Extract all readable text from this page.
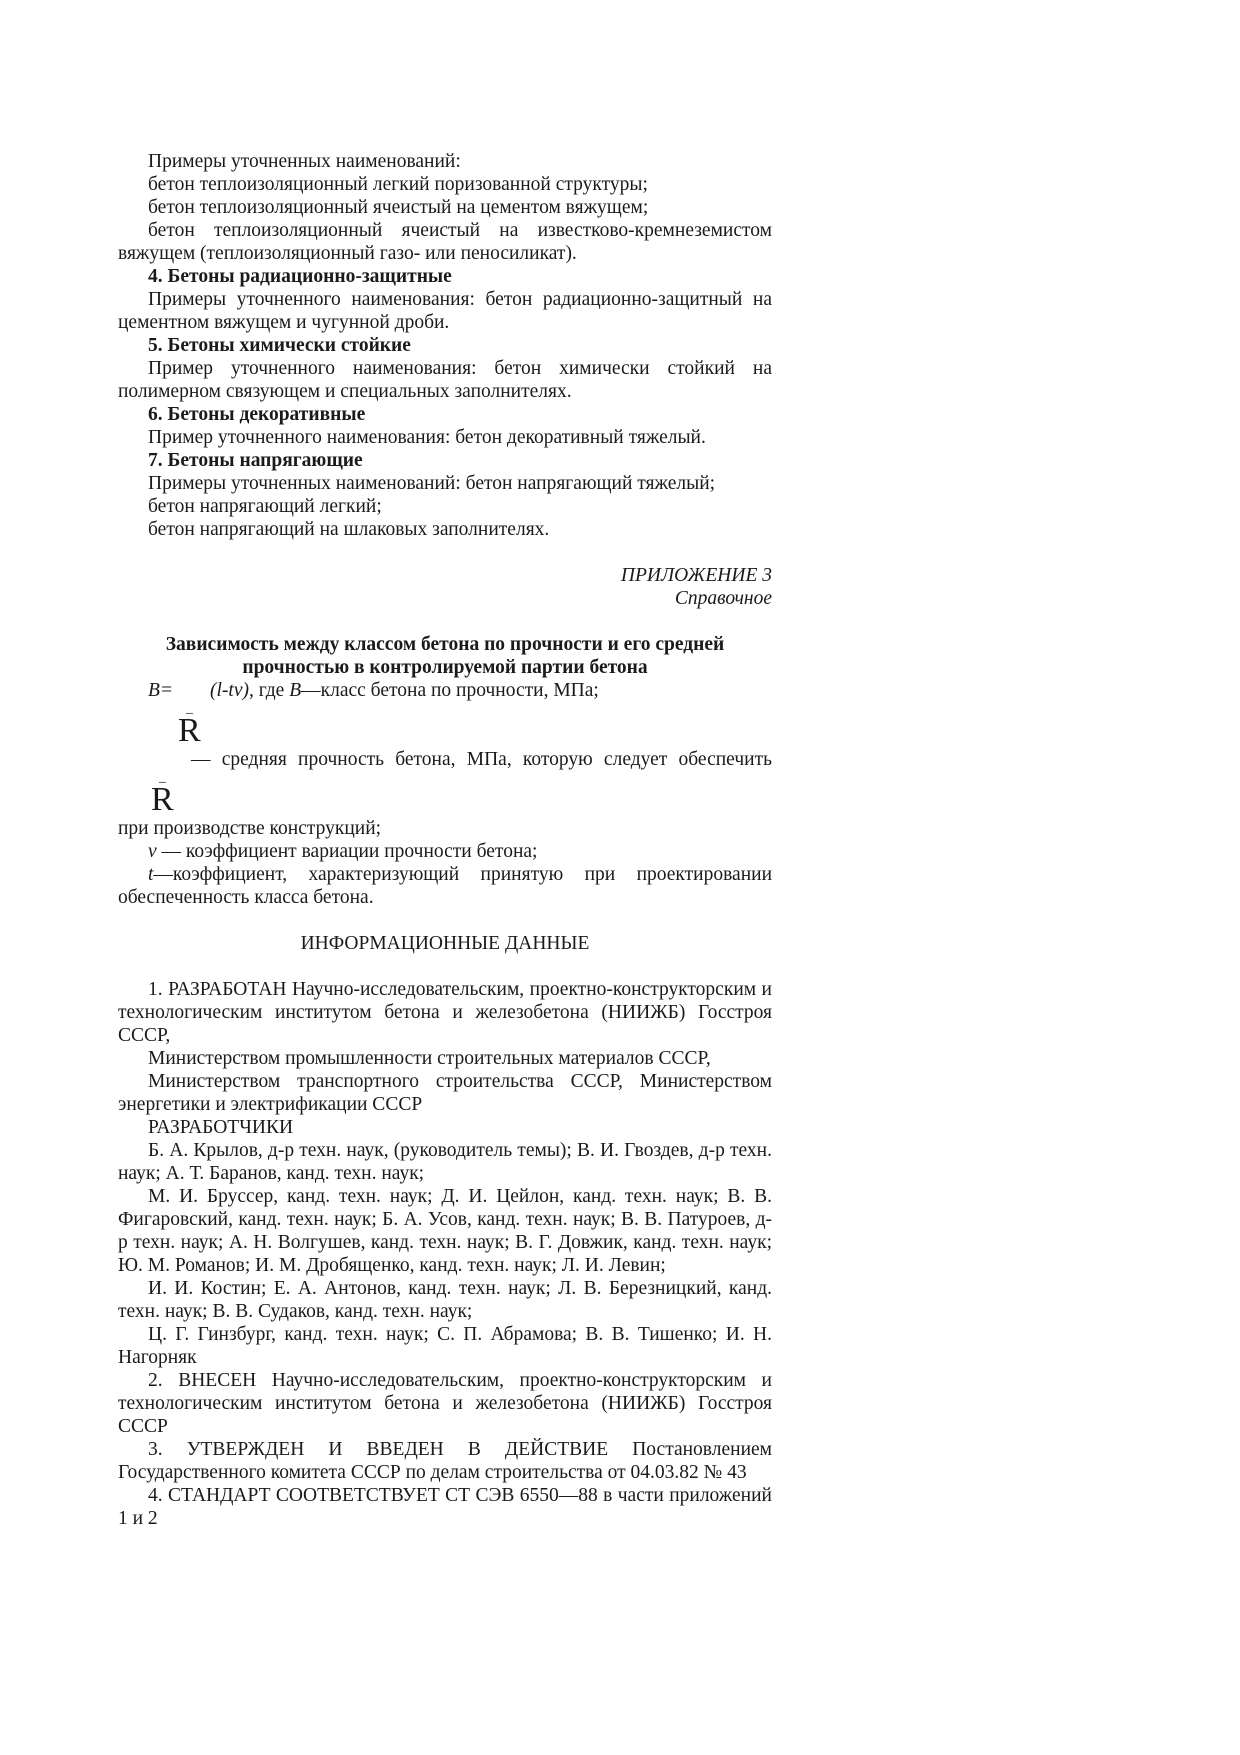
Примеры уточненных наименований:

бетон теплоизоляционный легкий поризованной структуры;

бетон теплоизоляционный ячеистый на цементом вяжущем;

бетон теплоизоляционный ячеистый на известково-кремнеземистом вяжущем (теплоизоляционный газо- или пеносиликат).

4. Бетоны радиационно-защитные

Примеры уточненного наименования: бетон радиационно-защитный на цементном вяжущем и чугунной дроби.

5. Бетоны химически стойкие

Пример уточненного наименования: бетон химически стойкий на полимерном связующем и специальных заполнителях.

6. Бетоны декоративные

Пример уточненного наименования: бетон декоративный тяжелый.

7. Бетоны напрягающие

Примеры уточненных наименований: бетон напрягающий тяжелый;

бетон напрягающий легкий;

бетон напрягающий на шлаковых заполнителях.

ПРИЛОЖЕНИЕ 3

Справочное

Зависимость между классом бетона по прочности и его средней
прочностью в контролируемой партии бетона

B= (l-tv), где B—класс бетона по прочности, МПа;
_
R
_
R
— средняя прочность бетона, МПа, которую следует обеспечить

при производстве конструкций;

v — коэффициент вариации прочности бетона;

t—коэффициент, характеризующий принятую при проектировании обеспеченность класса бетона.

ИНФОРМАЦИОННЫЕ ДАННЫЕ

1. РАЗРАБОТАН Научно-исследовательским, проектно-конструкторским и технологическим институтом бетона и железобетона (НИИЖБ) Госстроя СССР,

Министерством промышленности строительных материалов СССР,

Министерством транспортного строительства СССР, Министерством энергетики и электрификации СССР

РАЗРАБОТЧИКИ

Б. А. Крылов, д-р техн. наук, (руководитель темы); В. И. Гвоздев, д-р техн. наук; А. Т. Баранов, канд. техн. наук;

М. И. Бруссер, канд. техн. наук; Д. И. Цейлон, канд. техн. наук; В. В. Фигаровский, канд. техн. наук; Б. А. Усов, канд. техн. наук; В. В. Патуроев, д-р техн. наук; А. Н. Волгушев, канд. техн. наук; В. Г. Довжик, канд. техн. наук; Ю. М. Романов; И. М. Дробященко, канд. техн. наук; Л. И. Левин;

И. И. Костин; Е. А. Антонов, канд. техн. наук; Л. В. Березницкий, канд. техн. наук; В. В. Судаков, канд. техн. наук;

Ц. Г. Гинзбург, канд. техн. наук; С. П. Абрамова; В. В. Тишенко; И. Н. Нагорняк

2. ВНЕСЕН Научно-исследовательским, проектно-конструкторским и технологическим институтом бетона и железобетона (НИИЖБ) Госстроя СССР

3. УТВЕРЖДЕН И ВВЕДЕН В ДЕЙСТВИЕ Постановлением Государственного комитета СССР по делам строительства от 04.03.82 № 43

4. СТАНДАРТ СООТВЕТСТВУЕТ СТ СЭВ 6550—88 в части приложений 1 и 2
